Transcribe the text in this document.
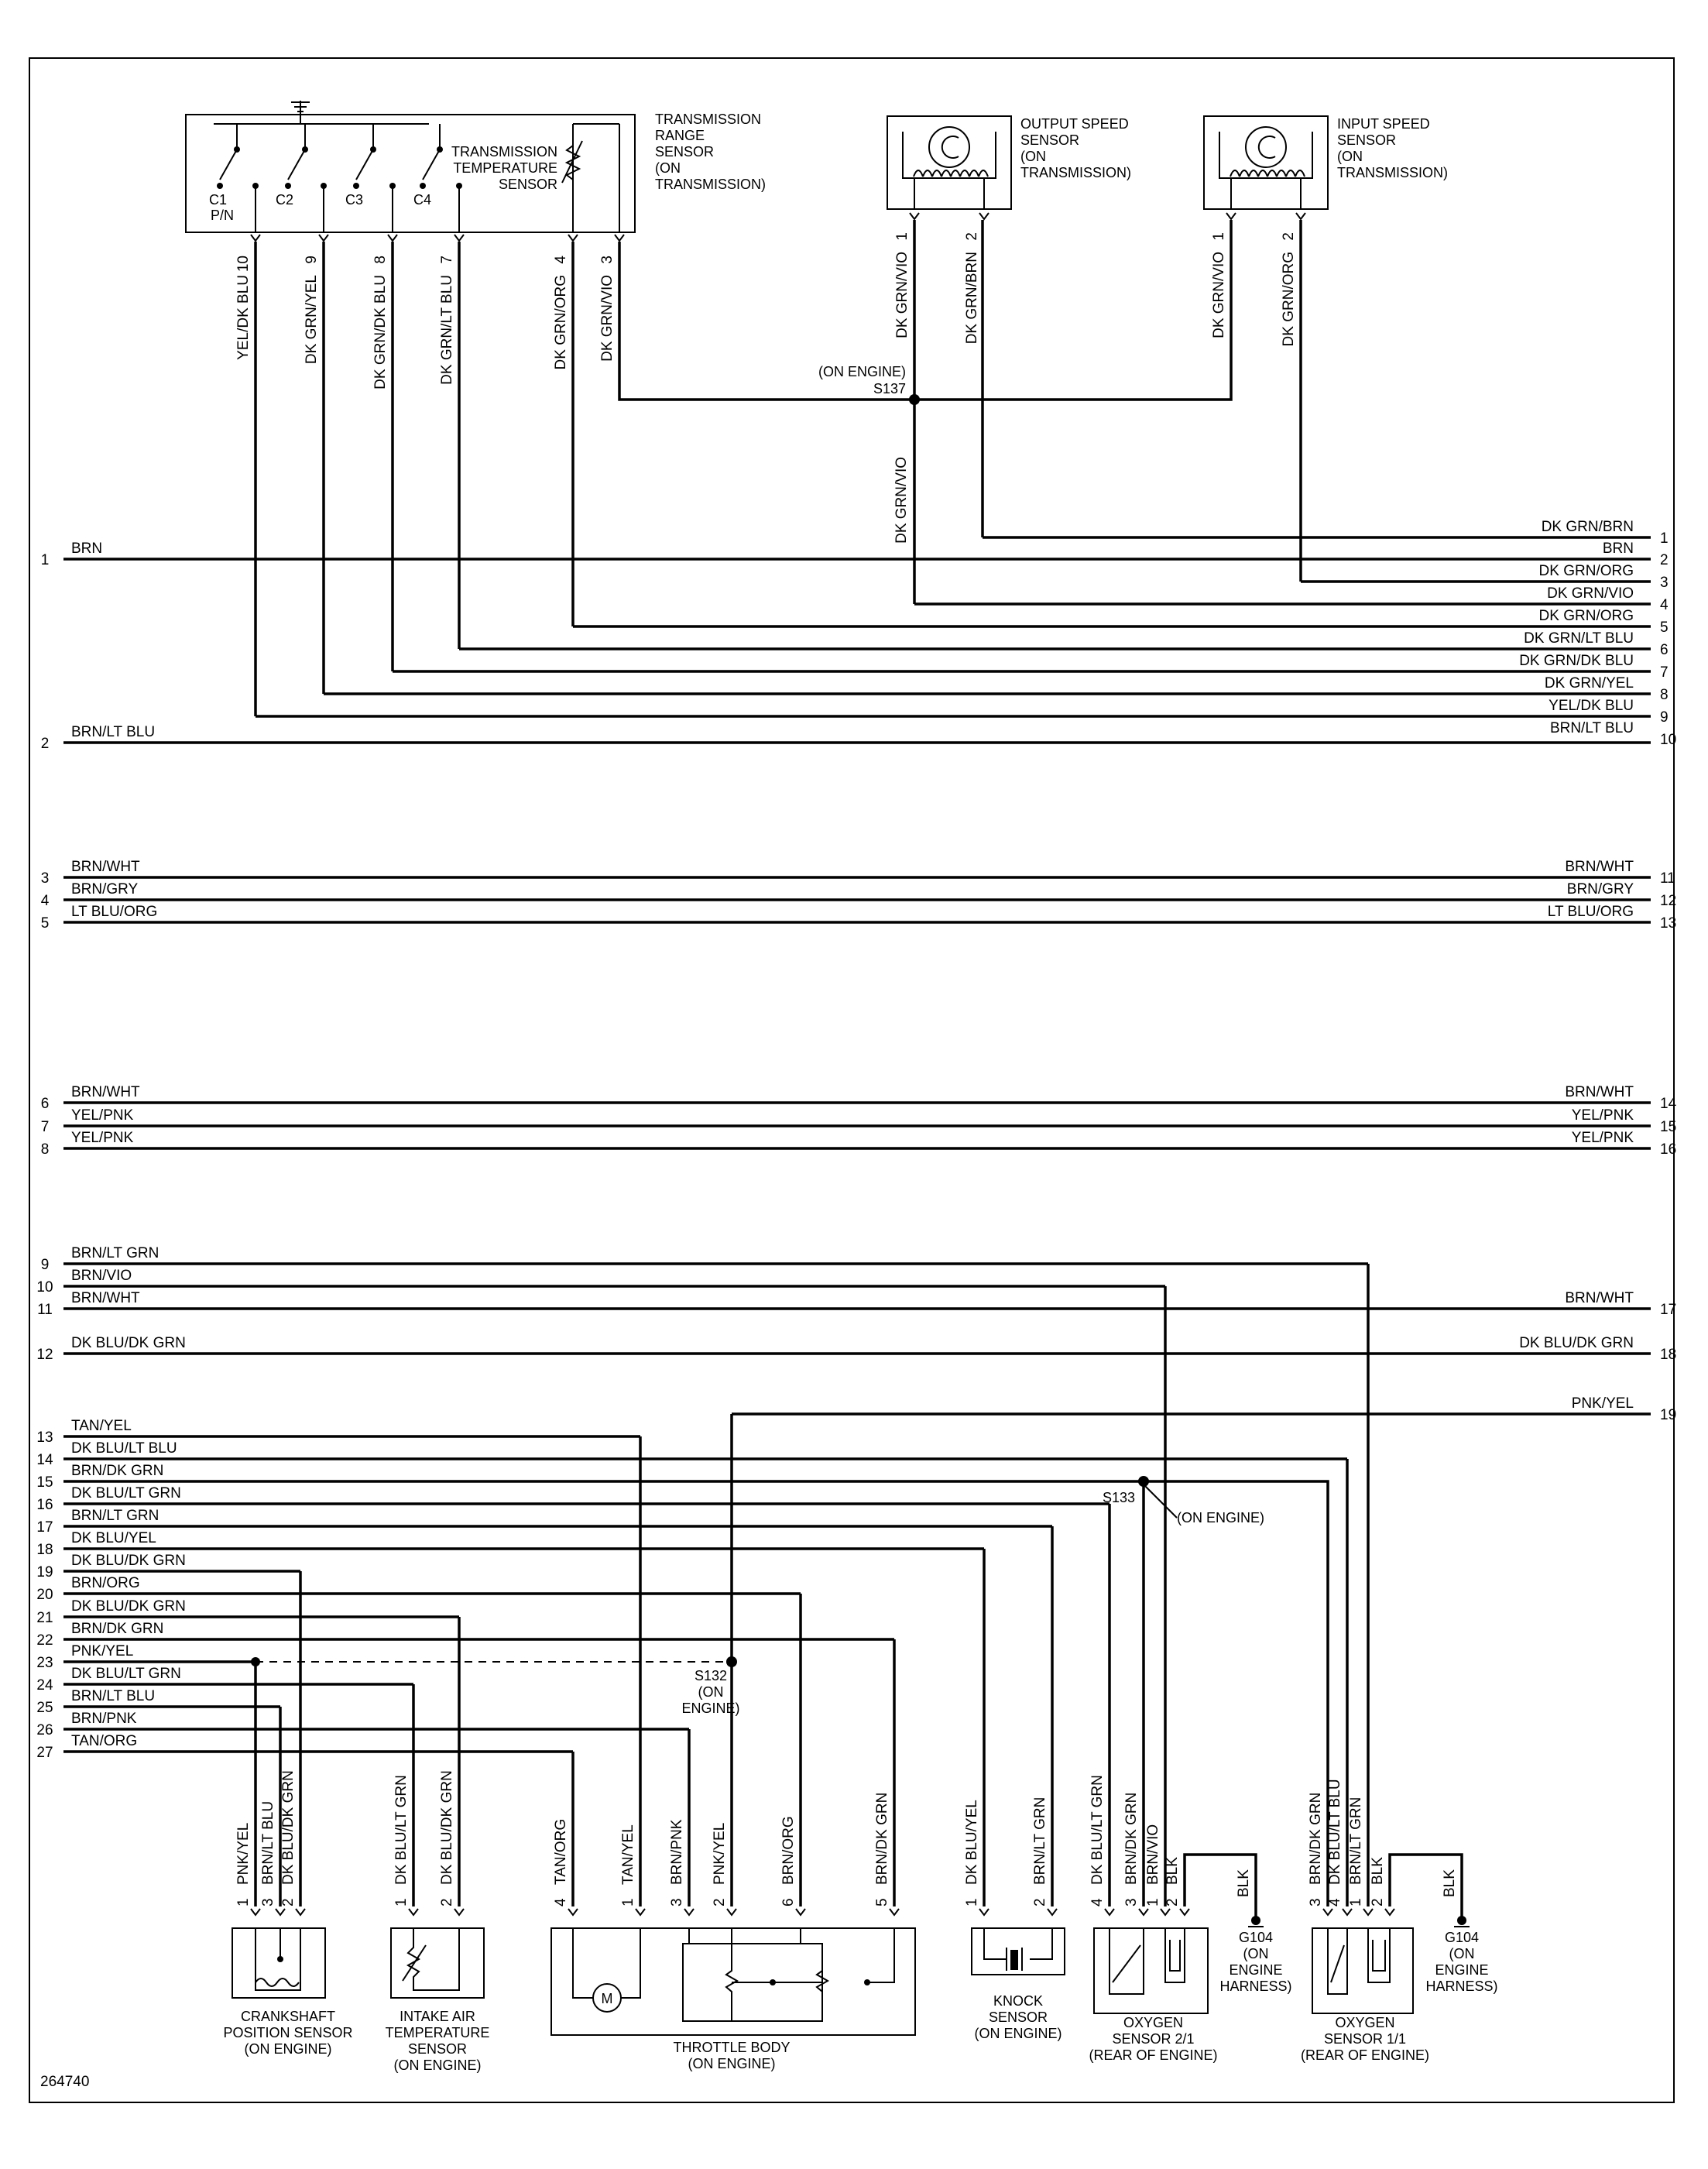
1
BRN
2
BRN/LT BLU
3
BRN/WHT
4
BRN/GRY
5
LT BLU/ORG
6
BRN/WHT
7
YEL/PNK
8
YEL/PNK
9
BRN/LT GRN
10
BRN/VIO
11
BRN/WHT
12
DK BLU/DK GRN
13
TAN/YEL
14
DK BLU/LT BLU
15
BRN/DK GRN
16
DK BLU/LT GRN
17
BRN/LT GRN
18
DK BLU/YEL
19
DK BLU/DK GRN
20
BRN/ORG
21
DK BLU/DK GRN
22
BRN/DK GRN
23
PNK/YEL
24
DK BLU/LT GRN
25
BRN/LT BLU
26
BRN/PNK
27
TAN/ORG
1
DK GRN/BRN
2
BRN
3
DK GRN/ORG
4
DK GRN/VIO
5
DK GRN/ORG
6
DK GRN/LT BLU
7
DK GRN/DK BLU
8
DK GRN/YEL
9
YEL/DK BLU
10
BRN/LT BLU
11
BRN/WHT
12
BRN/GRY
13
LT BLU/ORG
14
BRN/WHT
15
YEL/PNK
16
YEL/PNK
17
BRN/WHT
18
DK BLU/DK GRN
19
PNK/YEL
C1
P/N
C2	C3	C4
TRANSMISSION
TEMPERATURE
SENSOR
TRANSMISSION
RANGE
SENSOR
(ON
TRANSMISSION)
10
YEL/DK BLU
9
DK GRN/YEL
8
DK GRN/DK BLU
7
DK GRN/LT BLU
4
DK GRN/ORG
3
DK GRN/VIO
OUTPUT SPEED
SENSOR
(ON
TRANSMISSION)
1
DK GRN/VIO
2
DK GRN/BRN
INPUT SPEED
SENSOR
(ON
TRANSMISSION)
1
DK GRN/VIO
2
DK GRN/ORG
(ON ENGINE)
S137
DK GRN/VIO
S133
(ON ENGINE)
S132
(ON
ENGINE)
1
PNK/YEL
3
BRN/LT BLU
2
DK BLU/DK GRN
CRANKSHAFT
POSITION SENSOR
(ON ENGINE)
1
DK BLU/LT GRN
2
DK BLU/DK GRN
INTAKE AIR
TEMPERATURE
SENSOR
(ON ENGINE)
M
4
TAN/ORG
1
TAN/YEL
3
BRN/PNK
2
PNK/YEL
6
BRN/ORG
5
BRN/DK GRN
THROTTLE BODY
(ON ENGINE)
1
DK BLU/YEL
2
BRN/LT GRN
KNOCK
SENSOR
(ON ENGINE)
4
DK BLU/LT GRN
3
BRN/DK GRN
1
BRN/VIO
2
BLK	BLK
G104
(ON
ENGINE
HARNESS)
OXYGEN
SENSOR 2/1
(REAR OF ENGINE)
3
BRN/DK GRN
4
DK BLU/LT BLU
1
BRN/LT GRN
2
BLK	BLK
G104
(ON
ENGINE
HARNESS)
OXYGEN
SENSOR 1/1
(REAR OF ENGINE)
264740
